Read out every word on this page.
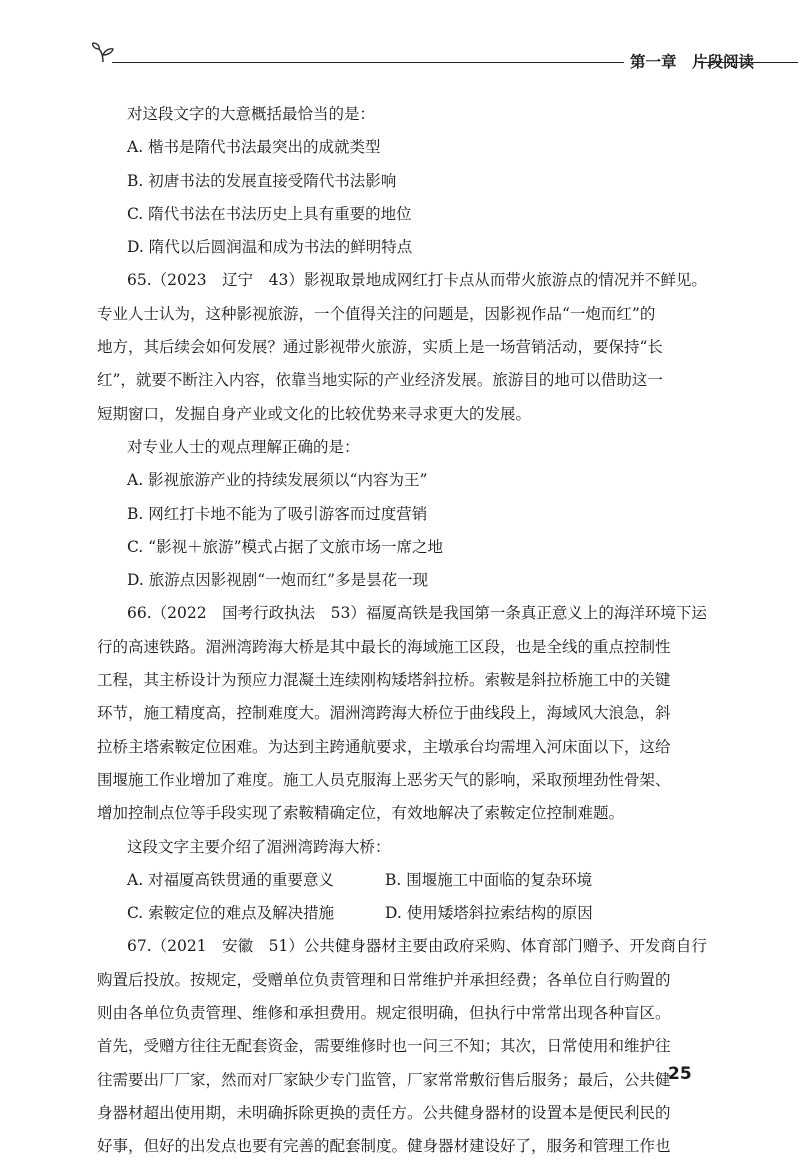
第一章　片段阅读
对这段文字的大意概括最恰当的是：
A. 楷书是隋代书法最突出的成就类型
B. 初唐书法的发展直接受隋代书法影响
C. 隋代书法在书法历史上具有重要的地位
D. 隋代以后圆润温和成为书法的鲜明特点
65.（2023　辽宁　43）影视取景地成网红打卡点从而带火旅游点的情况并不鲜见。
专业人士认为，这种影视旅游，一个值得关注的问题是，因影视作品“一炮而红”的
地方，其后续会如何发展？通过影视带火旅游，实质上是一场营销活动，要保持“长
红”，就要不断注入内容，依靠当地实际的产业经济发展。旅游目的地可以借助这一
短期窗口，发掘自身产业或文化的比较优势来寻求更大的发展。
对专业人士的观点理解正确的是：
A. 影视旅游产业的持续发展须以“内容为王”
B. 网红打卡地不能为了吸引游客而过度营销
C. “影视＋旅游”模式占据了文旅市场一席之地
D. 旅游点因影视剧“一炮而红”多是昙花一现
66.（2022　国考行政执法　53）福厦高铁是我国第一条真正意义上的海洋环境下运
行的高速铁路。湄洲湾跨海大桥是其中最长的海域施工区段，也是全线的重点控制性
工程，其主桥设计为预应力混凝土连续刚构矮塔斜拉桥。索鞍是斜拉桥施工中的关键
环节，施工精度高，控制难度大。湄洲湾跨海大桥位于曲线段上，海域风大浪急，斜
拉桥主塔索鞍定位困难。为达到主跨通航要求，主墩承台均需埋入河床面以下，这给
围堰施工作业增加了难度。施工人员克服海上恶劣天气的影响，采取预埋劲性骨架、
增加控制点位等手段实现了索鞍精确定位，有效地解决了索鞍定位控制难题。
这段文字主要介绍了湄洲湾跨海大桥：
A. 对福厦高铁贯通的重要意义	B. 围堰施工中面临的复杂环境
C. 索鞍定位的难点及解决措施	D. 使用矮塔斜拉索结构的原因
67.（2021　安徽　51）公共健身器材主要由政府采购、体育部门赠予、开发商自行
购置后投放。按规定，受赠单位负责管理和日常维护并承担经费；各单位自行购置的
则由各单位负责管理、维修和承担费用。规定很明确，但执行中常常出现各种盲区。
首先，受赠方往往无配套资金，需要维修时也一问三不知；其次，日常使用和维护往
往需要出厂厂家，然而对厂家缺少专门监管，厂家常常敷衍售后服务；最后，公共健
身器材超出使用期，未明确拆除更换的责任方。公共健身器材的设置本是便民利民的
好事，但好的出发点也要有完善的配套制度。健身器材建设好了，服务和管理工作也
25
